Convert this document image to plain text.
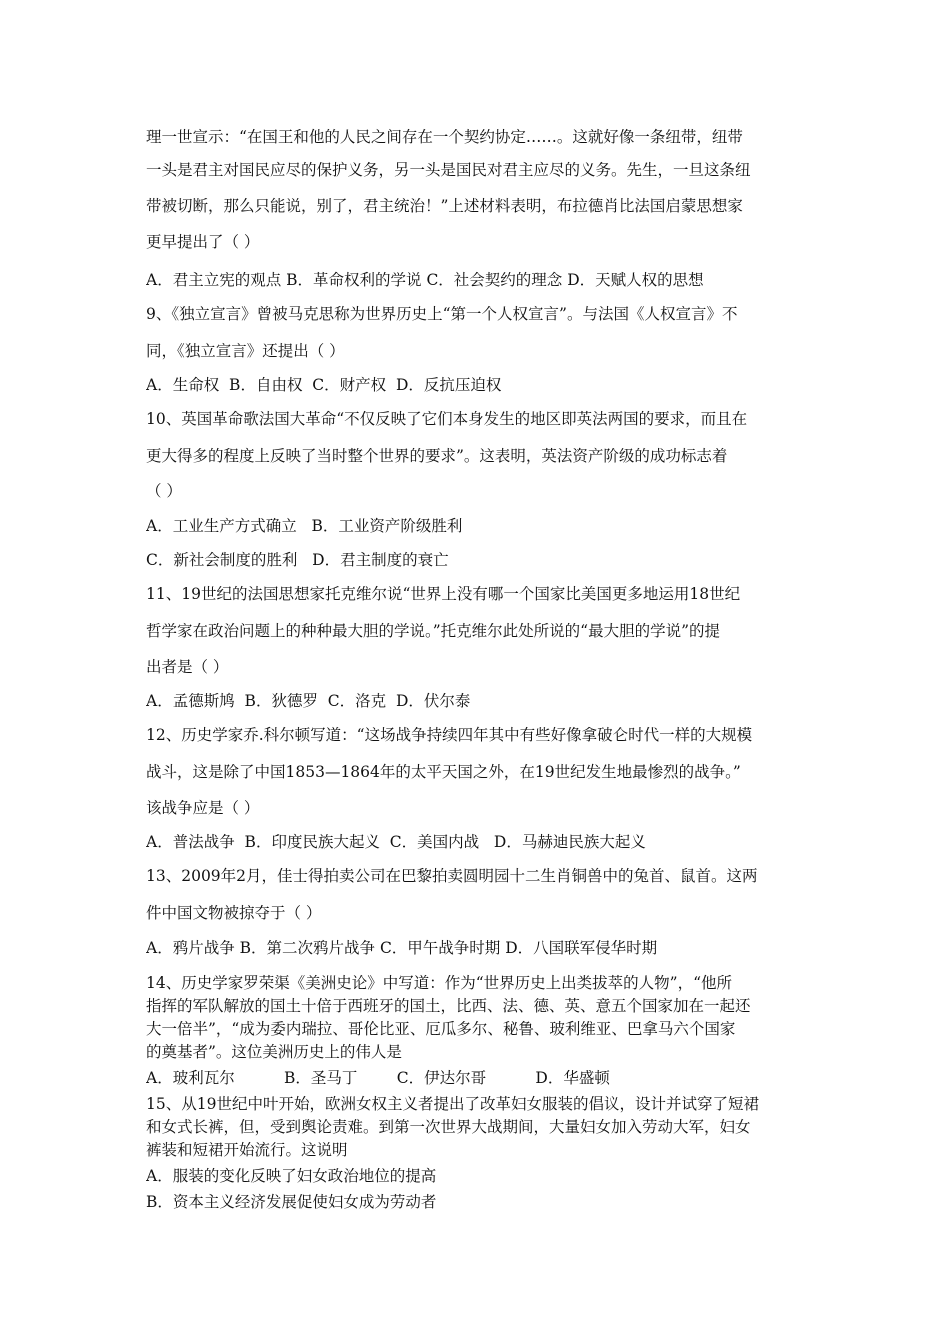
理一世宣示：“在国王和他的人民之间存在一个契约协定……。这就好像一条纽带，纽带
一头是君主对国民应尽的保护义务，另一头是国民对君主应尽的义务。先生，一旦这条纽
带被切断，那么只能说，别了，君主统治！”上述材料表明，布拉德肖比法国启蒙思想家
更早提出了（ ）
A．君主立宪的观点 B．革命权利的学说 C．社会契约的理念 D．天赋人权的思想
9、《独立宣言》曾被马克思称为世界历史上“第一个人权宣言”。与法国《人权宣言》不
同，《独立宣言》还提出（ ）
A．生命权  B．自由权  C．财产权  D．反抗压迫权
10、英国革命歌法国大革命“不仅反映了它们本身发生的地区即英法两国的要求，而且在
更大得多的程度上反映了当时整个世界的要求”。这表明，英法资产阶级的成功标志着
（ ）
A．工业生产方式确立   B．工业资产阶级胜利
C．新社会制度的胜利   D．君主制度的衰亡
11、19世纪的法国思想家托克维尔说“世界上没有哪一个国家比美国更多地运用18世纪
哲学家在政治问题上的种种最大胆的学说。”托克维尔此处所说的“最大胆的学说”的提
出者是（ ）
A．孟德斯鸠  B．狄德罗  C．洛克  D．伏尔泰
12、历史学家乔.科尔顿写道：“这场战争持续四年其中有些好像拿破仑时代一样的大规模
战斗，这是除了中国1853—1864年的太平天国之外，在19世纪发生地最惨烈的战争。”
该战争应是（ ）
A．普法战争  B．印度民族大起义  C．美国内战   D．马赫迪民族大起义
13、2009年2月，佳士得拍卖公司在巴黎拍卖圆明园十二生肖铜兽中的兔首、鼠首。这两
件中国文物被掠夺于（ ）
A．鸦片战争 B．第二次鸦片战争 C．甲午战争时期 D．八国联军侵华时期
14、历史学家罗荣渠《美洲史论》中写道：作为“世界历史上出类拔萃的人物”，“他所
指挥的军队解放的国土十倍于西班牙的国土，比西、法、德、英、意五个国家加在一起还
大一倍半”，“成为委内瑞拉、哥伦比亚、厄瓜多尔、秘鲁、玻利维亚、巴拿马六个国家
的奠基者”。这位美洲历史上的伟人是
A．玻利瓦尔          B．圣马丁        C．伊达尔哥          D．华盛顿
15、从19世纪中叶开始，欧洲女权主义者提出了改革妇女服装的倡议，设计并试穿了短裙
和女式长裤，但，受到舆论责难。到第一次世界大战期间，大量妇女加入劳动大军，妇女
裤装和短裙开始流行。这说明
A．服装的变化反映了妇女政治地位的提高
B．资本主义经济发展促使妇女成为劳动者
